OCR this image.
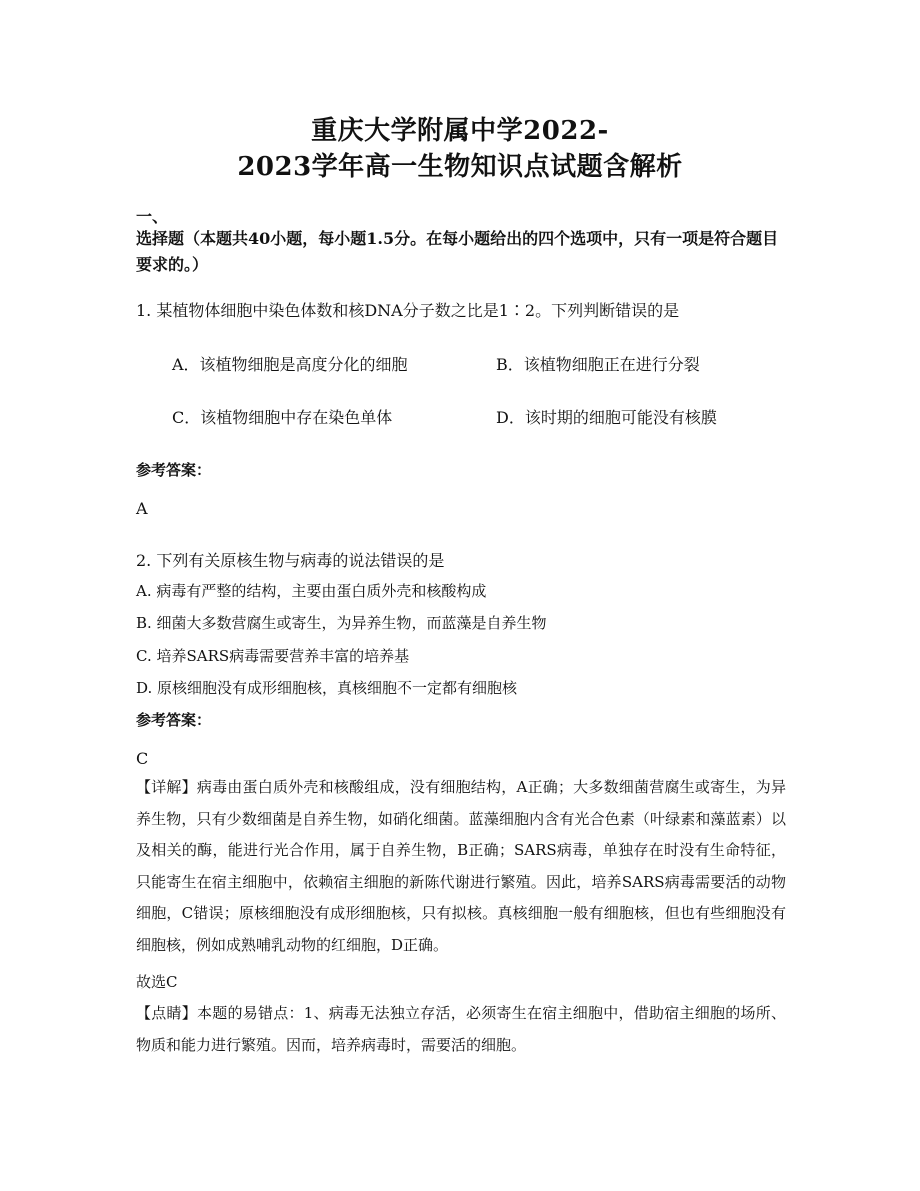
重庆大学附属中学2022-
2023学年高一生物知识点试题含解析
一、
选择题（本题共40小题，每小题1.5分。在每小题给出的四个选项中，只有一项是符合题目要求的。）
1. 某植物体细胞中染色体数和核DNA分子数之比是1∶2。下列判断错误的是
A．该植物细胞是高度分化的细胞	B．该植物细胞正在进行分裂
C．该植物细胞中存在染色单体	D．该时期的细胞可能没有核膜
参考答案：
A
2. 下列有关原核生物与病毒的说法错误的是
A. 病毒有严整的结构，主要由蛋白质外壳和核酸构成
B. 细菌大多数营腐生或寄生，为异养生物，而蓝藻是自养生物
C. 培养SARS病毒需要营养丰富的培养基
D. 原核细胞没有成形细胞核，真核细胞不一定都有细胞核
参考答案：
C
【详解】病毒由蛋白质外壳和核酸组成，没有细胞结构，A正确；大多数细菌营腐生或寄生，为异养生物，只有少数细菌是自养生物，如硝化细菌。蓝藻细胞内含有光合色素（叶绿素和藻蓝素）以及相关的酶，能进行光合作用，属于自养生物，B正确；SARS病毒，单独存在时没有生命特征，只能寄生在宿主细胞中，依赖宿主细胞的新陈代谢进行繁殖。因此，培养SARS病毒需要活的动物细胞，C错误；原核细胞没有成形细胞核，只有拟核。真核细胞一般有细胞核，但也有些细胞没有细胞核，例如成熟哺乳动物的红细胞，D正确。
故选C
【点睛】本题的易错点：1、病毒无法独立存活，必须寄生在宿主细胞中，借助宿主细胞的场所、物质和能力进行繁殖。因而，培养病毒时，需要活的细胞。
